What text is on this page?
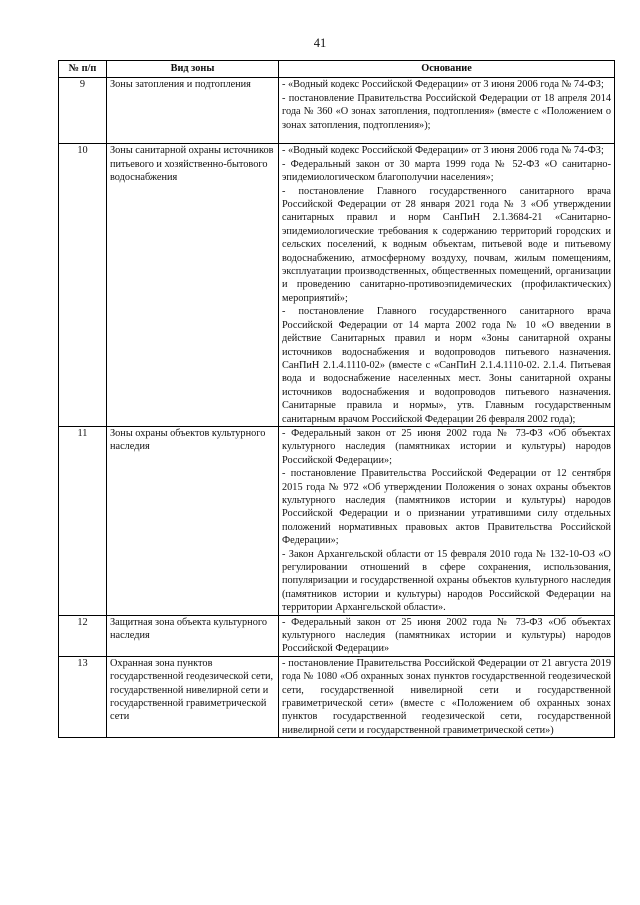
41
№ п/п	Вид зоны	Основание
9	Зоны затопления и подтопления	- «Водный кодекс Российской Федерации» от 3 июня 2006 года № 74-ФЗ;
- постановление Правительства Российской Федерации от 18 апреля 2014 года № 360 «О зонах затопления, подтопления» (вместе с «Положением о зонах затопления, подтопления»);

10	Зоны санитарной охраны источников питьевого и хозяйственно-бытового водоснабжения	- «Водный кодекс Российской Федерации» от 3 июня 2006 года № 74-ФЗ;
- Федеральный закон от 30 марта 1999 года № 52-ФЗ «О санитарно-эпидемиологическом благополучии населения»;
- постановление Главного государственного санитарного врача Российской Федерации от 28 января 2021 года № 3 «Об утверждении санитарных правил и норм СанПиН 2.1.3684-21 «Санитарно-эпидемиологические требования к содержанию территорий городских и сельских поселений, к водным объектам, питьевой воде и питьевому водоснабжению, атмосферному воздуху, почвам, жилым помещениям, эксплуатации производственных, общественных помещений, организации и проведению санитарно-противоэпидемических (профилактических) мероприятий»;
- постановление Главного государственного санитарного врача Российской Федерации от 14 марта 2002 года № 10 «О введении в действие Санитарных правил и норм «Зоны санитарной охраны источников водоснабжения и водопроводов питьевого назначения. СанПиН 2.1.4.1110-02» (вместе с «СанПиН 2.1.4.1110-02. 2.1.4. Питьевая вода и водоснабжение населенных мест. Зоны санитарной охраны источников водоснабжения и водопроводов питьевого назначения. Санитарные правила и нормы», утв. Главным государственным санитарным врачом Российской Федерации 26 февраля 2002 года);

11	Зоны охраны объектов культурного наследия	- Федеральный закон от 25 июня 2002 года № 73-ФЗ «Об объектах культурного наследия (памятниках истории и культуры) народов Российской Федерации»;
- постановление Правительства Российской Федерации от 12 сентября 2015 года № 972 «Об утверждении Положения о зонах охраны объектов культурного наследия (памятников истории и культуры) народов Российской Федерации и о признании утратившими силу отдельных положений нормативных правовых актов Правительства Российской Федерации»;
- Закон Архангельской области от 15 февраля 2010 года № 132-10-ОЗ «О регулировании отношений в сфере сохранения, использования, популяризации и государственной охраны объектов культурного наследия (памятников истории и культуры) народов Российской Федерации на территории Архангельской области».

12	Защитная зона объекта культурного наследия	- Федеральный закон от 25 июня 2002 года № 73-ФЗ «Об объектах культурного наследия (памятниках истории и культуры) народов Российской Федерации»

13	Охранная зона пунктов государственной геодезической сети, государственной нивелирной сети и государственной гравиметрической сети	- постановление Правительства Российской Федерации от 21 августа 2019 года № 1080 «Об охранных зонах пунктов государственной геодезической сети, государственной нивелирной сети и государственной гравиметрической сети» (вместе с «Положением об охранных зонах пунктов государственной геодезической сети, государственной нивелирной сети и государственной гравиметрической сети»)
